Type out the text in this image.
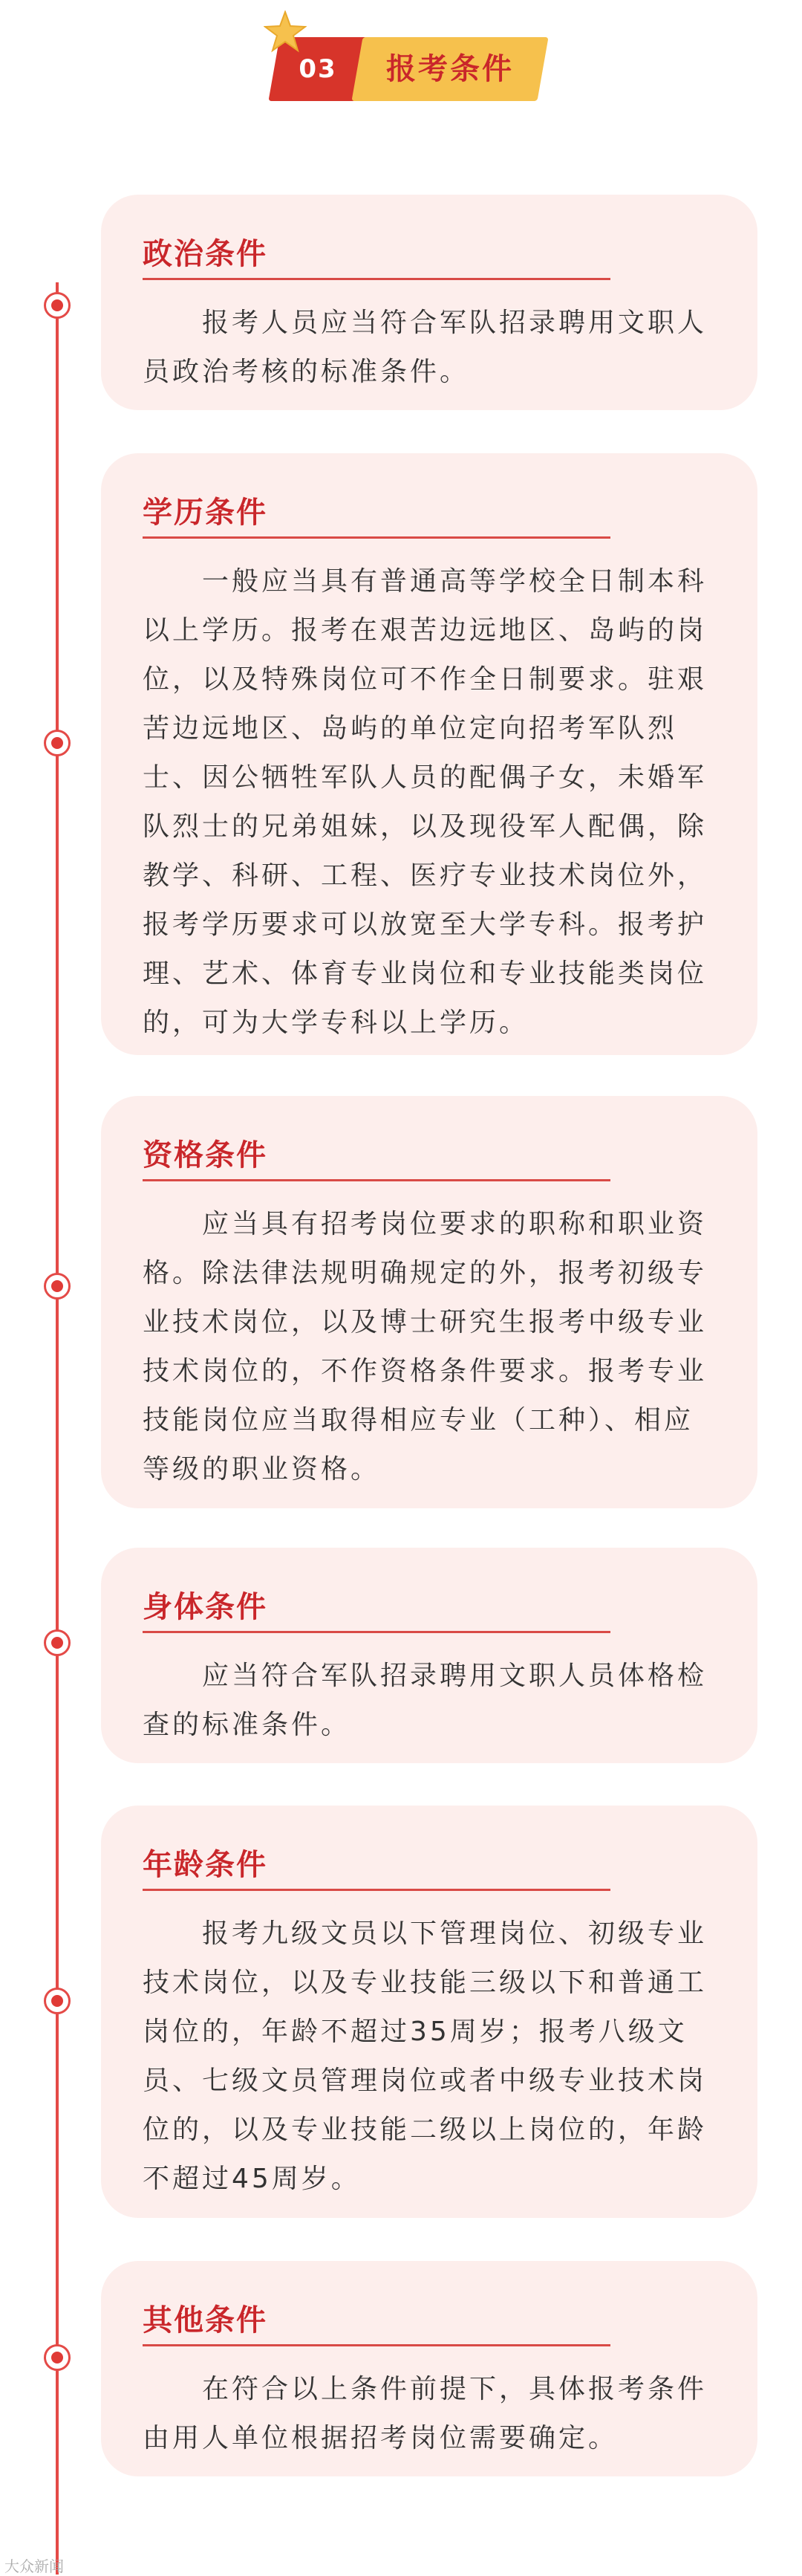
03	报考条件
政治条件

报考人员应当符合军队招录聘用文职人员政治考核的标准条件。

学历条件

一般应当具有普通高等学校全日制本科以上学历。报考在艰苦边远地区、岛屿的岗位，以及特殊岗位可不作全日制要求。驻艰苦边远地区、岛屿的单位定向招考军队烈士、因公牺牲军队人员的配偶子女，未婚军队烈士的兄弟姐妹，以及现役军人配偶，除教学、科研、工程、医疗专业技术岗位外，报考学历要求可以放宽至大学专科。报考护理、艺术、体育专业岗位和专业技能类岗位的，可为大学专科以上学历。

资格条件

应当具有招考岗位要求的职称和职业资格。除法律法规明确规定的外，报考初级专业技术岗位，以及博士研究生报考中级专业技术岗位的，不作资格条件要求。报考专业技能岗位应当取得相应专业（工种）、相应等级的职业资格。

身体条件

应当符合军队招录聘用文职人员体格检查的标准条件。

年龄条件

报考九级文员以下管理岗位、初级专业技术岗位，以及专业技能三级以下和普通工岗位的，年龄不超过35周岁；报考八级文员、七级文员管理岗位或者中级专业技术岗位的，以及专业技能二级以上岗位的，年龄不超过45周岁。

其他条件

在符合以上条件前提下，具体报考条件由用人单位根据招考岗位需要确定。

大众新闻
